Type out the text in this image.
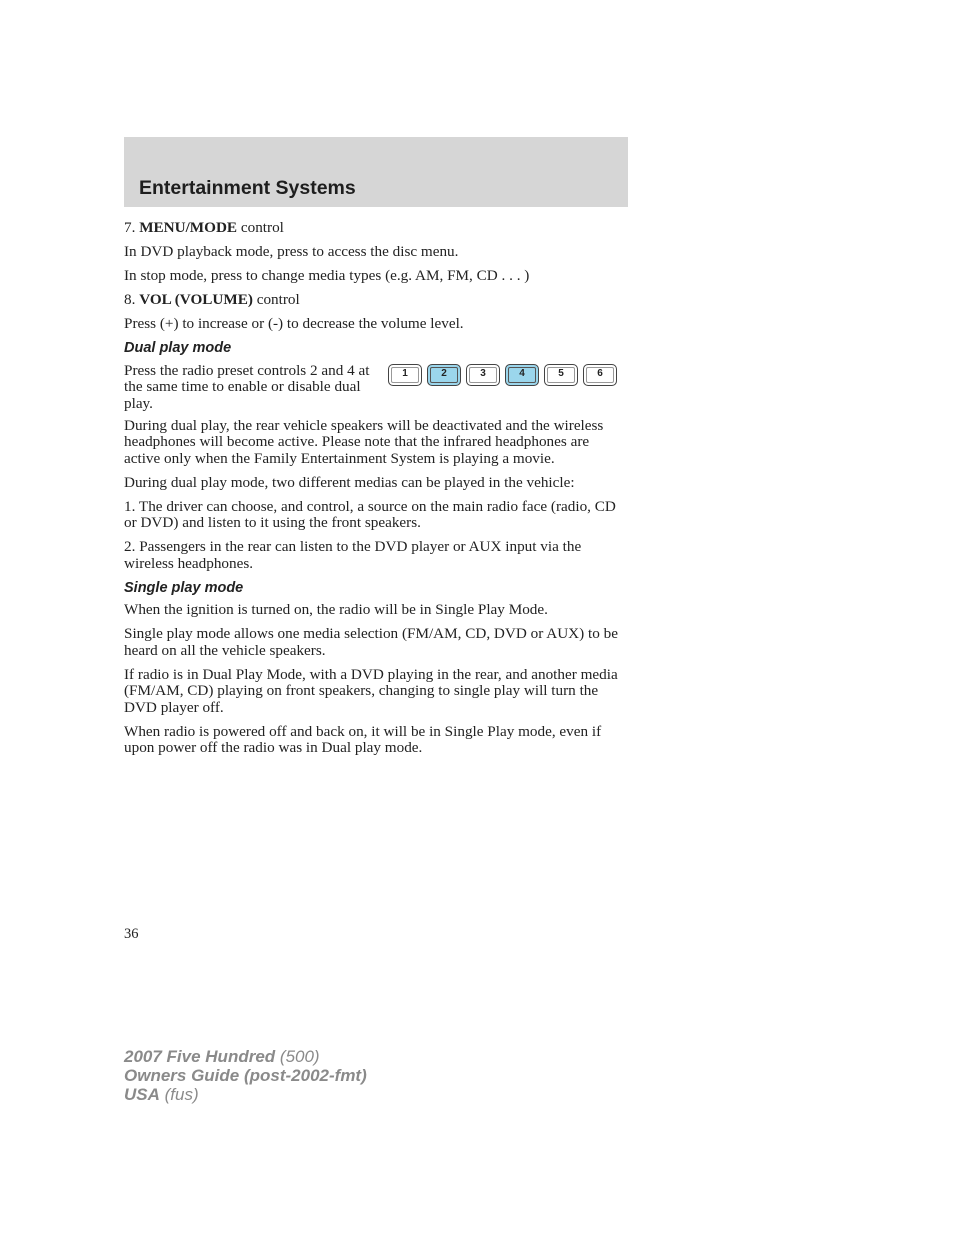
Entertainment Systems

7. MENU/MODE control

In DVD playback mode, press to access the disc menu.

In stop mode, press to change media types (e.g. AM, FM, CD . . . )

8. VOL (VOLUME) control

Press (+) to increase or (-) to decrease the volume level.

Dual play mode

Press the radio preset controls 2 and 4 at the same time to enable or disable dual play.

1	2	3	4	5	6

During dual play, the rear vehicle speakers will be deactivated and the wireless headphones will become active. Please note that the infrared headphones are active only when the Family Entertainment System is playing a movie.

During dual play mode, two different medias can be played in the vehicle:

1. The driver can choose, and control, a source on the main radio face (radio, CD or DVD) and listen to it using the front speakers.

2. Passengers in the rear can listen to the DVD player or AUX input via the wireless headphones.

Single play mode

When the ignition is turned on, the radio will be in Single Play Mode.

Single play mode allows one media selection (FM/AM, CD, DVD or AUX) to be heard on all the vehicle speakers.

If radio is in Dual Play Mode, with a DVD playing in the rear, and another media (FM/AM, CD) playing on front speakers, changing to single play will turn the DVD player off.

When radio is powered off and back on, it will be in Single Play mode, even if upon power off the radio was in Dual play mode.

36
2007 Five Hundred (500)
Owners Guide (post-2002-fmt)
USA (fus)
